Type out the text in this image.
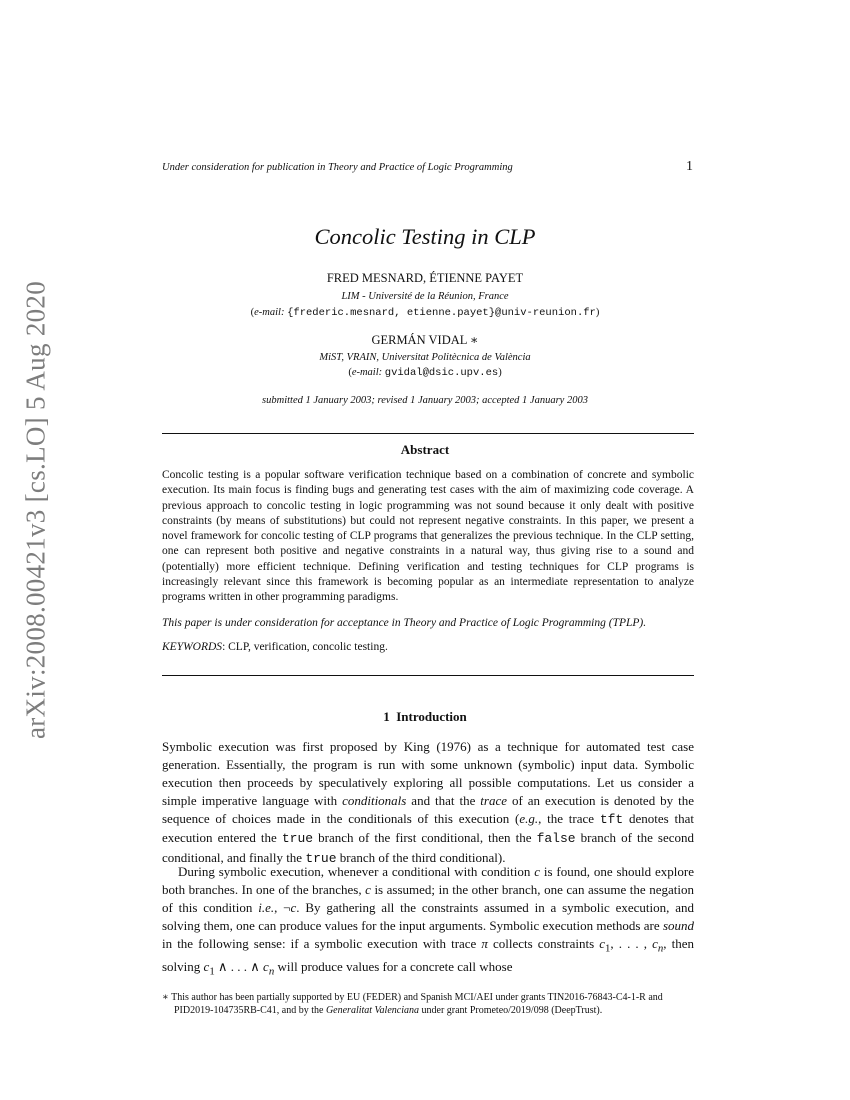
arXiv:2008.00421v3 [cs.LO] 5 Aug 2020
Under consideration for publication in Theory and Practice of Logic Programming	1
Concolic Testing in CLP
FRED MESNARD, ÉTIENNE PAYET
LIM - Université de la Réunion, France
(e-mail: {frederic.mesnard, etienne.payet}@univ-reunion.fr)
GERMÁN VIDAL ∗
MiST, VRAIN, Universitat Politècnica de València
(e-mail: gvidal@dsic.upv.es)
submitted 1 January 2003; revised 1 January 2003; accepted 1 January 2003
Abstract
Concolic testing is a popular software verification technique based on a combination of concrete and symbolic execution. Its main focus is finding bugs and generating test cases with the aim of maximizing code coverage. A previous approach to concolic testing in logic programming was not sound because it only dealt with positive constraints (by means of substitutions) but could not represent negative constraints. In this paper, we present a novel framework for concolic testing of CLP programs that generalizes the previous technique. In the CLP setting, one can represent both positive and negative constraints in a natural way, thus giving rise to a sound and (potentially) more efficient technique. Defining verification and testing techniques for CLP programs is increasingly relevant since this framework is becoming popular as an intermediate representation to analyze programs written in other programming paradigms.
This paper is under consideration for acceptance in Theory and Practice of Logic Programming (TPLP).
KEYWORDS: CLP, verification, concolic testing.
1 Introduction
Symbolic execution was first proposed by King (1976) as a technique for automated test case generation. Essentially, the program is run with some unknown (symbolic) input data. Symbolic execution then proceeds by speculatively exploring all possible computations. Let us consider a simple imperative language with conditionals and that the trace of an execution is denoted by the sequence of choices made in the conditionals of this execution (e.g., the trace tft denotes that execution entered the true branch of the first conditional, then the false branch of the second conditional, and finally the true branch of the third conditional).
During symbolic execution, whenever a conditional with condition c is found, one should explore both branches. In one of the branches, c is assumed; in the other branch, one can assume the negation of this condition i.e., ¬c. By gathering all the constraints assumed in a symbolic execution, and solving them, one can produce values for the input arguments. Symbolic execution methods are sound in the following sense: if a symbolic execution with trace π collects constraints $c_1$, . . . , $c_n$, then solving $c_1$ ∧ . . . ∧ $c_n$ will produce values for a concrete call whose
∗ This author has been partially supported by EU (FEDER) and Spanish MCI/AEI under grants TIN2016-76843-C4-1-R and PID2019-104735RB-C41, and by the Generalitat Valenciana under grant Prometeo/2019/098 (DeepTrust).
